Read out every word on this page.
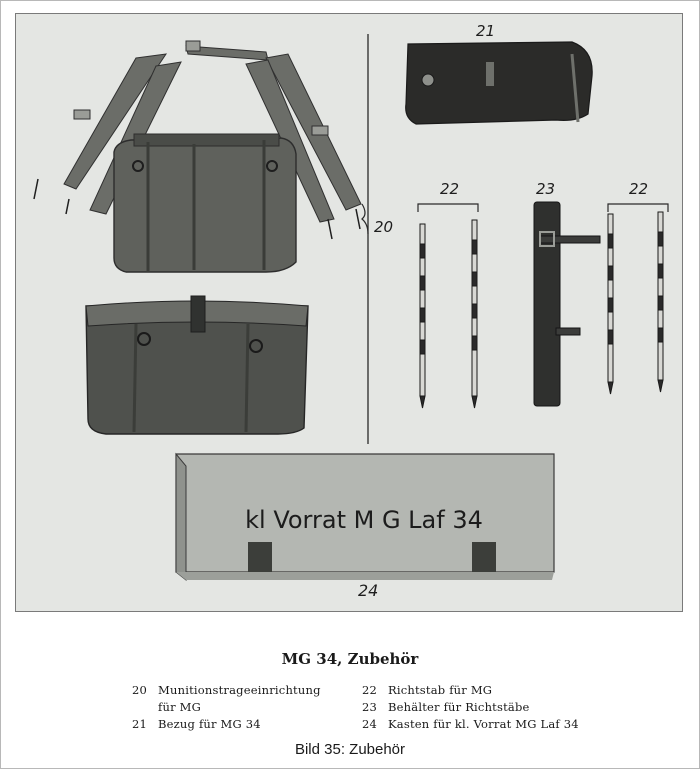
kl Vorrat M G Laf 34
21
22	23	22
20
24
MG 34, Zubehör
20 Munitionstrageeinrichtung
für MG
21 Bezug für MG 34
22 Richtstab für MG
23 Behälter für Richtstäbe
24 Kasten für kl. Vorrat MG Laf 34
Bild 35: Zubehör
